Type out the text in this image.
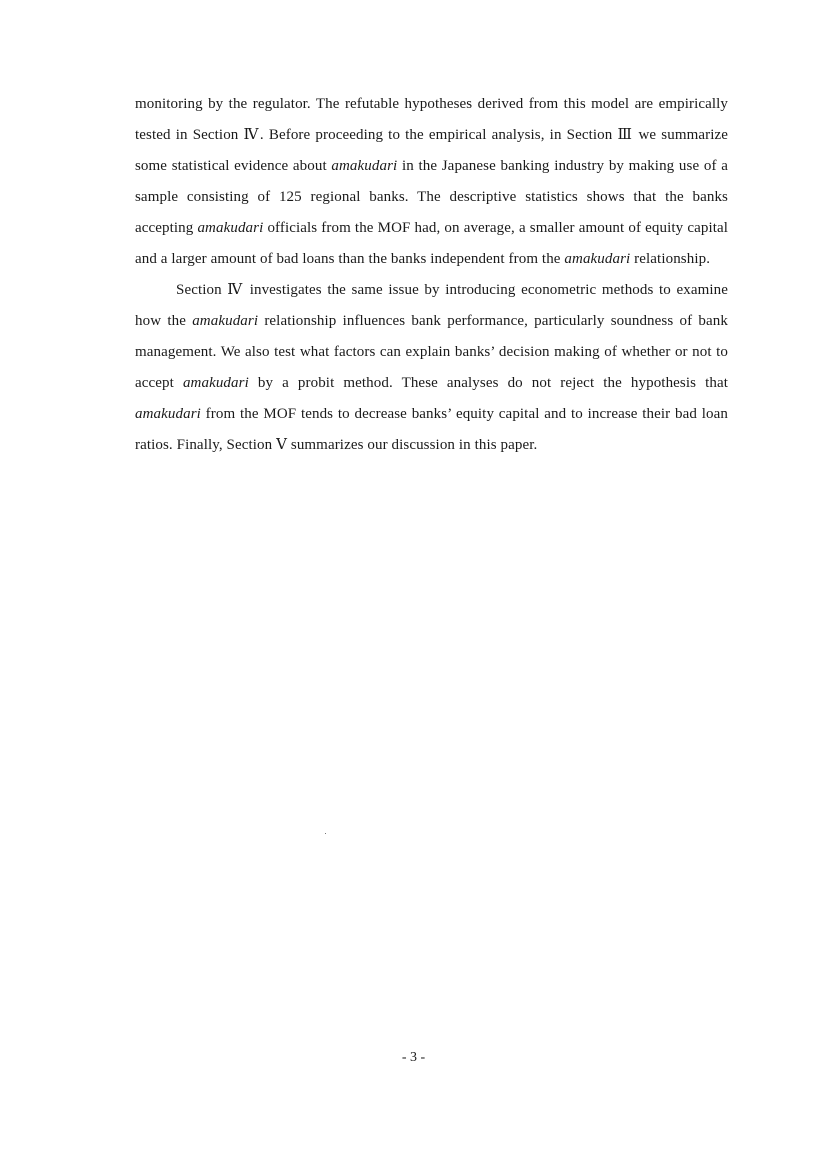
monitoring by the regulator. The refutable hypotheses derived from this model are empirically tested in Section Ⅳ. Before proceeding to the empirical analysis, in Section Ⅲ we summarize some statistical evidence about amakudari in the Japanese banking industry by making use of a sample consisting of 125 regional banks. The descriptive statistics shows that the banks accepting amakudari officials from the MOF had, on average, a smaller amount of equity capital and a larger amount of bad loans than the banks independent from the amakudari relationship.

Section Ⅳ investigates the same issue by introducing econometric methods to examine how the amakudari relationship influences bank performance, particularly soundness of bank management. We also test what factors can explain banks’ decision making of whether or not to accept amakudari by a probit method. These analyses do not reject the hypothesis that amakudari from the MOF tends to decrease banks’ equity capital and to increase their bad loan ratios. Finally, Section Ⅴ summarizes our discussion in this paper.

- 3 -
